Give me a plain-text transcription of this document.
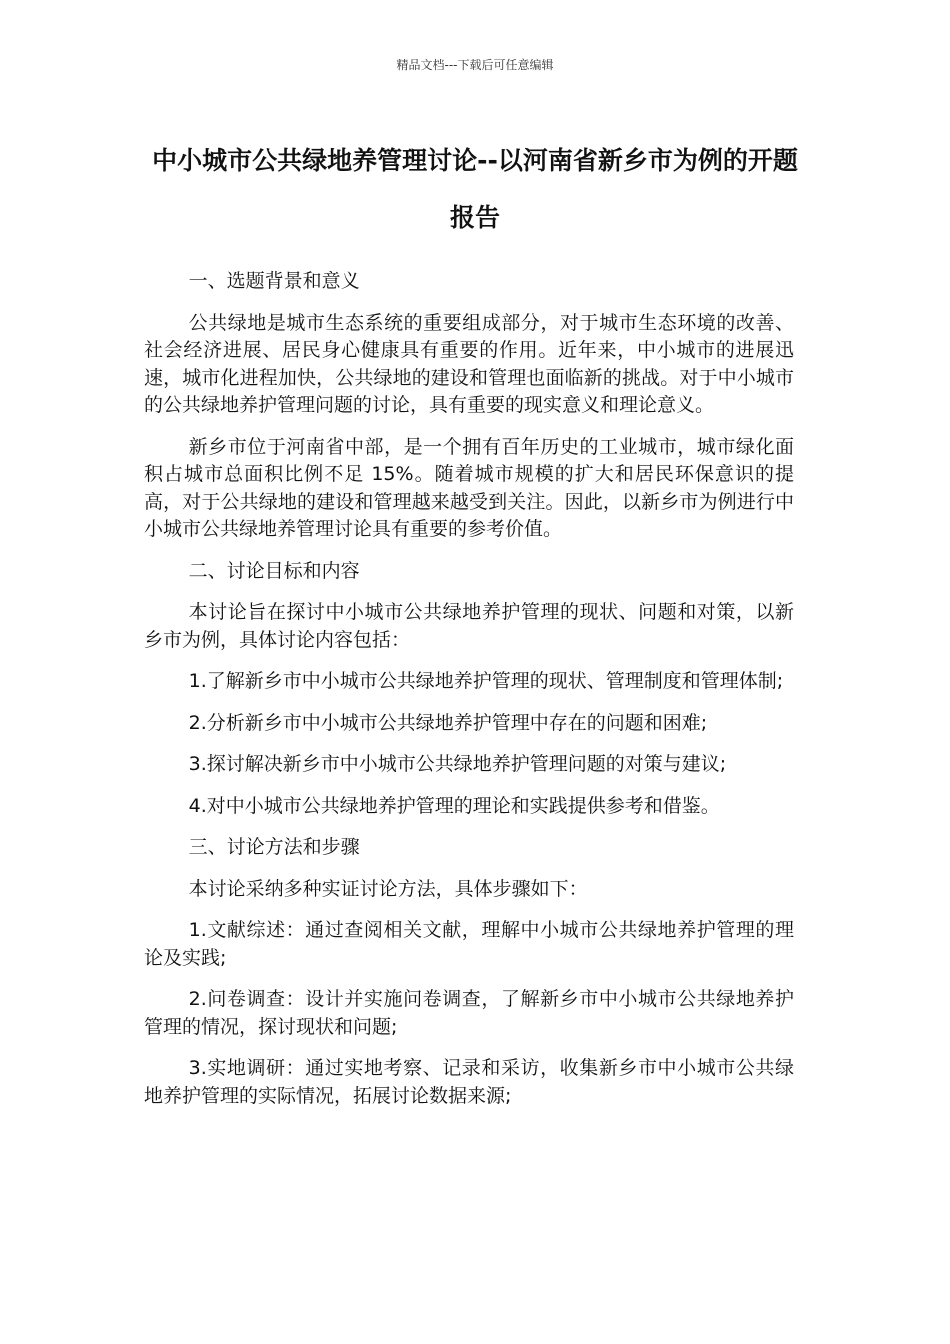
精品文档---下载后可任意编辑
中小城市公共绿地养管理讨论--以河南省新乡市为例的开题报告

一、选题背景和意义

公共绿地是城市生态系统的重要组成部分，对于城市生态环境的改善、社会经济进展、居民身心健康具有重要的作用。近年来，中小城市的进展迅速，城市化进程加快，公共绿地的建设和管理也面临新的挑战。对于中小城市的公共绿地养护管理问题的讨论，具有重要的现实意义和理论意义。

新乡市位于河南省中部，是一个拥有百年历史的工业城市，城市绿化面积占城市总面积比例不足 15%。随着城市规模的扩大和居民环保意识的提高，对于公共绿地的建设和管理越来越受到关注。因此，以新乡市为例进行中小城市公共绿地养管理讨论具有重要的参考价值。

二、讨论目标和内容

本讨论旨在探讨中小城市公共绿地养护管理的现状、问题和对策，以新乡市为例，具体讨论内容包括：

1.了解新乡市中小城市公共绿地养护管理的现状、管理制度和管理体制;

2.分析新乡市中小城市公共绿地养护管理中存在的问题和困难;

3.探讨解决新乡市中小城市公共绿地养护管理问题的对策与建议;

4.对中小城市公共绿地养护管理的理论和实践提供参考和借鉴。

三、讨论方法和步骤

本讨论采纳多种实证讨论方法，具体步骤如下：

1.文献综述：通过查阅相关文献，理解中小城市公共绿地养护管理的理论及实践;

2.问卷调查：设计并实施问卷调查，了解新乡市中小城市公共绿地养护管理的情况，探讨现状和问题;

3.实地调研：通过实地考察、记录和采访，收集新乡市中小城市公共绿地养护管理的实际情况，拓展讨论数据来源;
